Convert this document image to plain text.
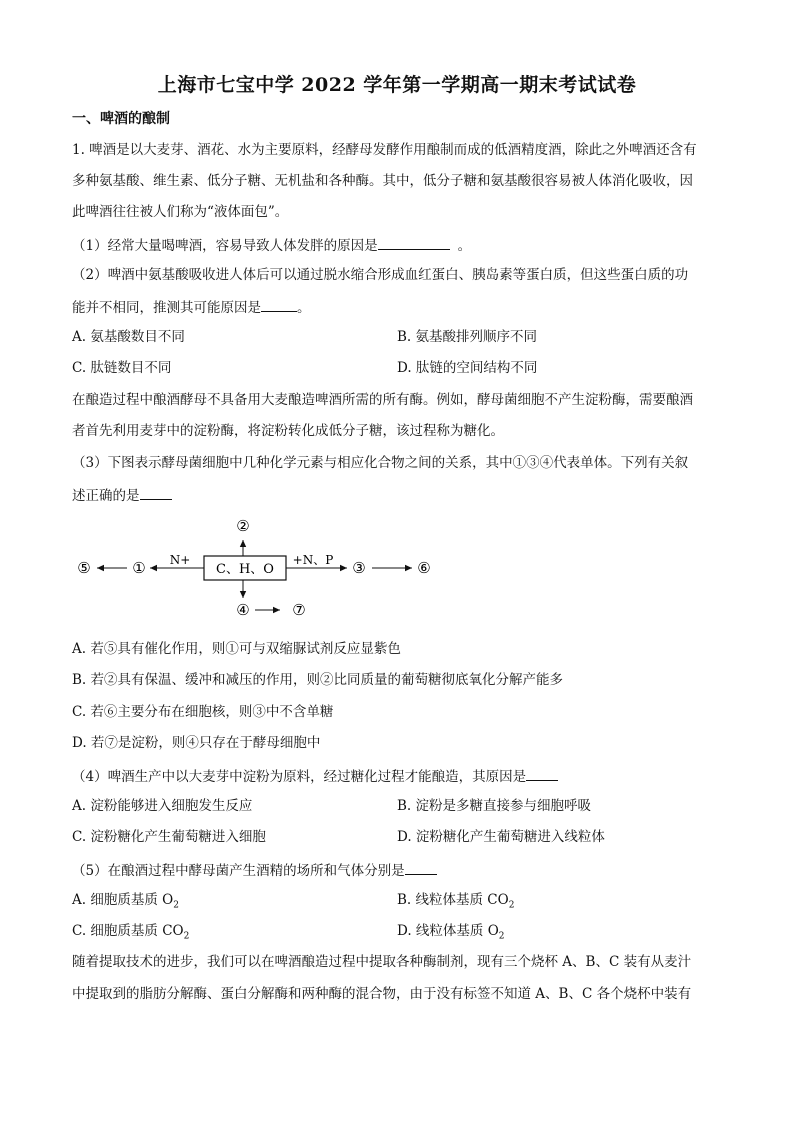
上海市七宝中学 2022 学年第一学期高一期末考试试卷
一、啤酒的酿制
1. 啤酒是以大麦芽、酒花、水为主要原料，经酵母发酵作用酿制而成的低酒精度酒，除此之外啤酒还含有
多种氨基酸、维生素、低分子糖、无机盐和各种酶。其中，低分子糖和氨基酸很容易被人体消化吸收，因
此啤酒往往被人们称为“液体面包”。
（1）经常大量喝啤酒，容易导致人体发胖的原因是	。
（2）啤酒中氨基酸吸收进人体后可以通过脱水缩合形成血红蛋白、胰岛素等蛋白质，但这些蛋白质的功
能并不相同，推测其可能原因是	。
A. 氨基酸数目不同	B. 氨基酸排列顺序不同
C. 肽链数目不同	D. 肽链的空间结构不同
在酿造过程中酿酒酵母不具备用大麦酿造啤酒所需的所有酶。例如，酵母菌细胞不产生淀粉酶，需要酿酒
者首先利用麦芽中的淀粉酶，将淀粉转化成低分子糖，该过程称为糖化。
（3）下图表示酵母菌细胞中几种化学元素与相应化合物之间的关系，其中①③④代表单体。下列有关叙
述正确的是
C、H、O
②
④	⑦
N+
①
⑤	+N、P ③	⑥
A. 若⑤具有催化作用，则①可与双缩脲试剂反应显紫色
B. 若②具有保温、缓冲和减压的作用，则②比同质量的葡萄糖彻底氧化分解产能多
C. 若⑥主要分布在细胞核，则③中不含单糖
D. 若⑦是淀粉，则④只存在于酵母细胞中
（4）啤酒生产中以大麦芽中淀粉为原料，经过糖化过程才能酿造，其原因是
A. 淀粉能够进入细胞发生反应	B. 淀粉是多糖直接参与细胞呼吸
C. 淀粉糖化产生葡萄糖进入细胞	D. 淀粉糖化产生葡萄糖进入线粒体
（5）在酿酒过程中酵母菌产生酒精的场所和气体分别是
A. 细胞质基质 $O_2$	B. 线粒体基质 $CO_2$
C. 细胞质基质 $CO_2$	D. 线粒体基质 $O_2$
随着提取技术的进步，我们可以在啤酒酿造过程中提取各种酶制剂，现有三个烧杯 A、B、C 装有从麦汁
中提取到的脂肪分解酶、蛋白分解酶和两种酶的混合物，由于没有标签不知道 A、B、C 各个烧杯中装有
